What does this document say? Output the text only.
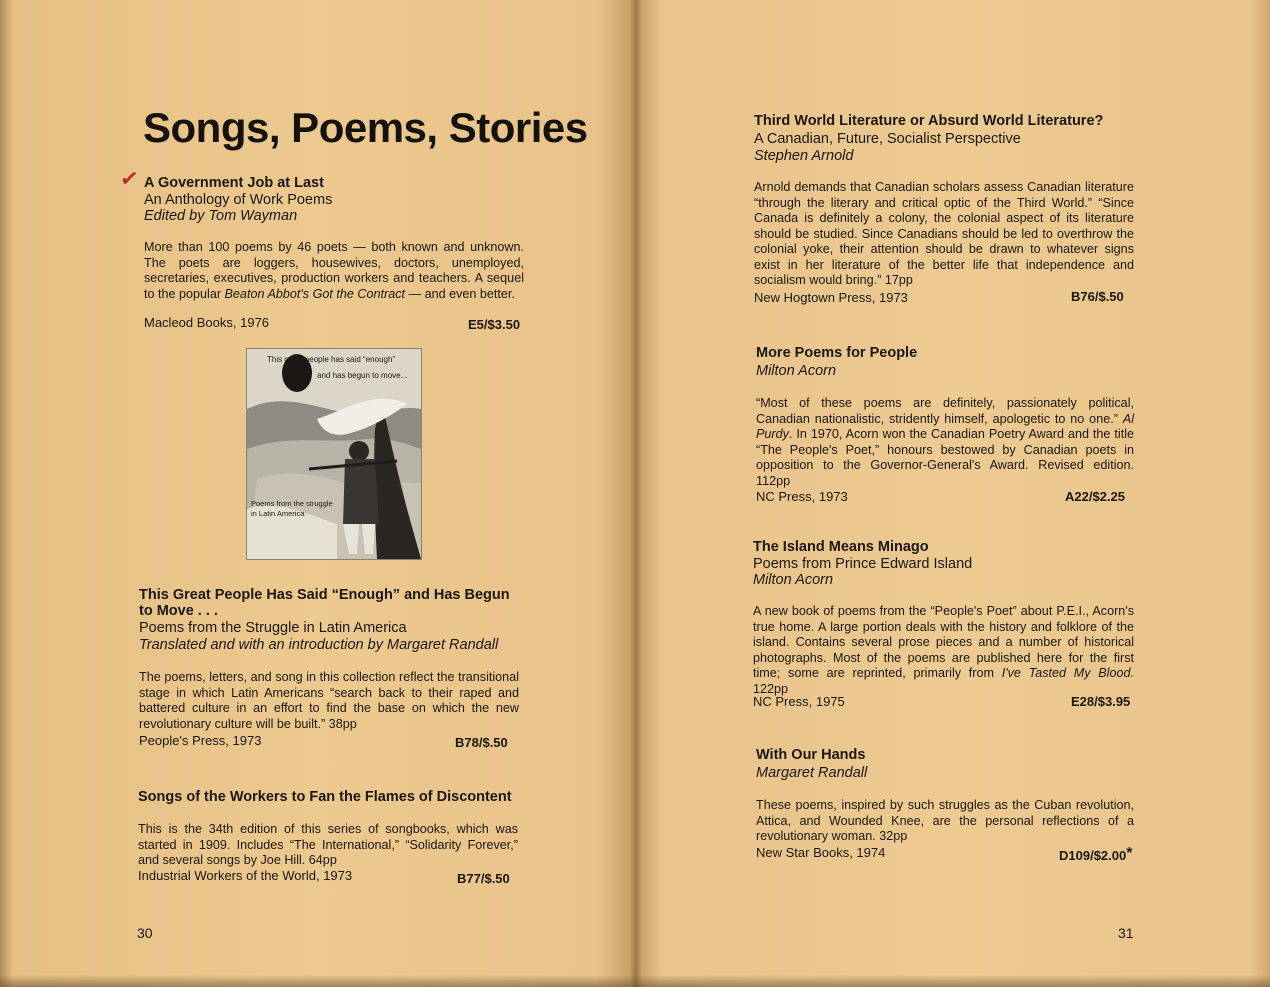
Songs, Poems, Stories
✓ A Government Job at Last
An Anthology of Work Poems
Edited by Tom Wayman
More than 100 poems by 46 poets — both known and unknown. The poets are loggers, housewives, doctors, unemployed, secretaries, executives, production workers and teachers. A sequel to the popular Beaton Abbot's Got the Contract — and even better.
Macleod Books, 1976	E5/$3.50
This great people has said “enough”
and has begun to move...
Poems from the struggle
in Latin America
This Great People Has Said “Enough” and Has Begun
to Move . . .
Poems from the Struggle in Latin America
Translated and with an introduction by Margaret Randall
The poems, letters, and song in this collection reflect the transitional stage in which Latin Americans “search back to their raped and battered culture in an effort to find the base on which the new revolutionary culture will be built.” 38pp
People's Press, 1973	B78/$.50
Songs of the Workers to Fan the Flames of Discontent
This is the 34th edition of this series of songbooks, which was started in 1909. Includes “The International,” “Solidarity Forever,” and several songs by Joe Hill. 64pp
Industrial Workers of the World, 1973	B77/$.50
30
Third World Literature or Absurd World Literature?
A Canadian, Future, Socialist Perspective
Stephen Arnold
Arnold demands that Canadian scholars assess Canadian literature “through the literary and critical optic of the Third World.” “Since Canada is definitely a colony, the colonial aspect of its literature should be studied. Since Canadians should be led to overthrow the colonial yoke, their attention should be drawn to whatever signs exist in her literature of the better life that independence and socialism would bring.” 17pp
New Hogtown Press, 1973	B76/$.50
More Poems for People
Milton Acorn
“Most of these poems are definitely, passionately political, Canadian nationalistic, stridently himself, apologetic to no one.” Al Purdy. In 1970, Acorn won the Canadian Poetry Award and the title “The People's Poet,” honours bestowed by Canadian poets in opposition to the Governor-General's Award. Revised edition. 112pp
NC Press, 1973	A22/$2.25
The Island Means Minago
Poems from Prince Edward Island
Milton Acorn
A new book of poems from the “People's Poet” about P.E.I., Acorn's true home. A large portion deals with the history and folklore of the island. Contains several prose pieces and a number of historical photographs. Most of the poems are published here for the first time; some are reprinted, primarily from I've Tasted My Blood. 122pp
NC Press, 1975	E28/$3.95
With Our Hands
Margaret Randall
These poems, inspired by such struggles as the Cuban revolution, Attica, and Wounded Knee, are the personal reflections of a revolutionary woman. 32pp
New Star Books, 1974	D109/$2.00*
31
